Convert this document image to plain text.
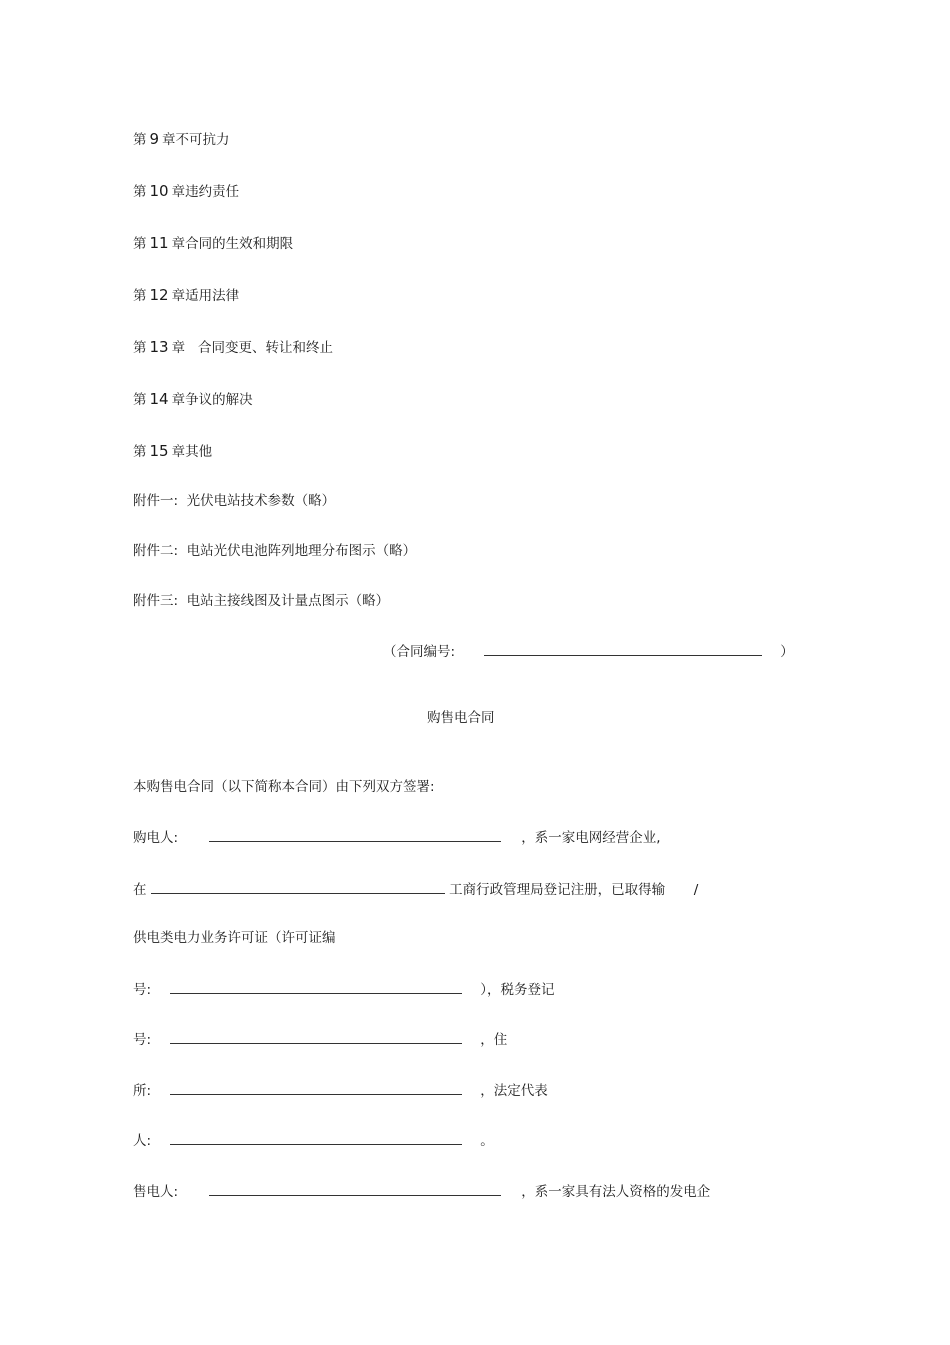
第 9 章不可抗力
第 10 章违约责任
第 11 章合同的生效和期限
第 12 章适用法律
第 13 章   合同变更、转让和终止
第 14 章争议的解决
第 15 章其他
附件一:  光伏电站技术参数（略）
附件二:  电站光伏电池阵列地理分布图示（略）
附件三:  电站主接线图及计量点图示（略）
（合同编号:	）
购售电合同
本购售电合同（以下简称本合同）由下列双方签署:
购电人:	，系一家电网经营企业,
在	工商行政管理局登记注册，已取得输 /
供电类电力业务许可证（许可证编
号:	），税务登记
号:	，住
所:	，法定代表
人:	。
售电人:	，系一家具有法人资格的发电企
